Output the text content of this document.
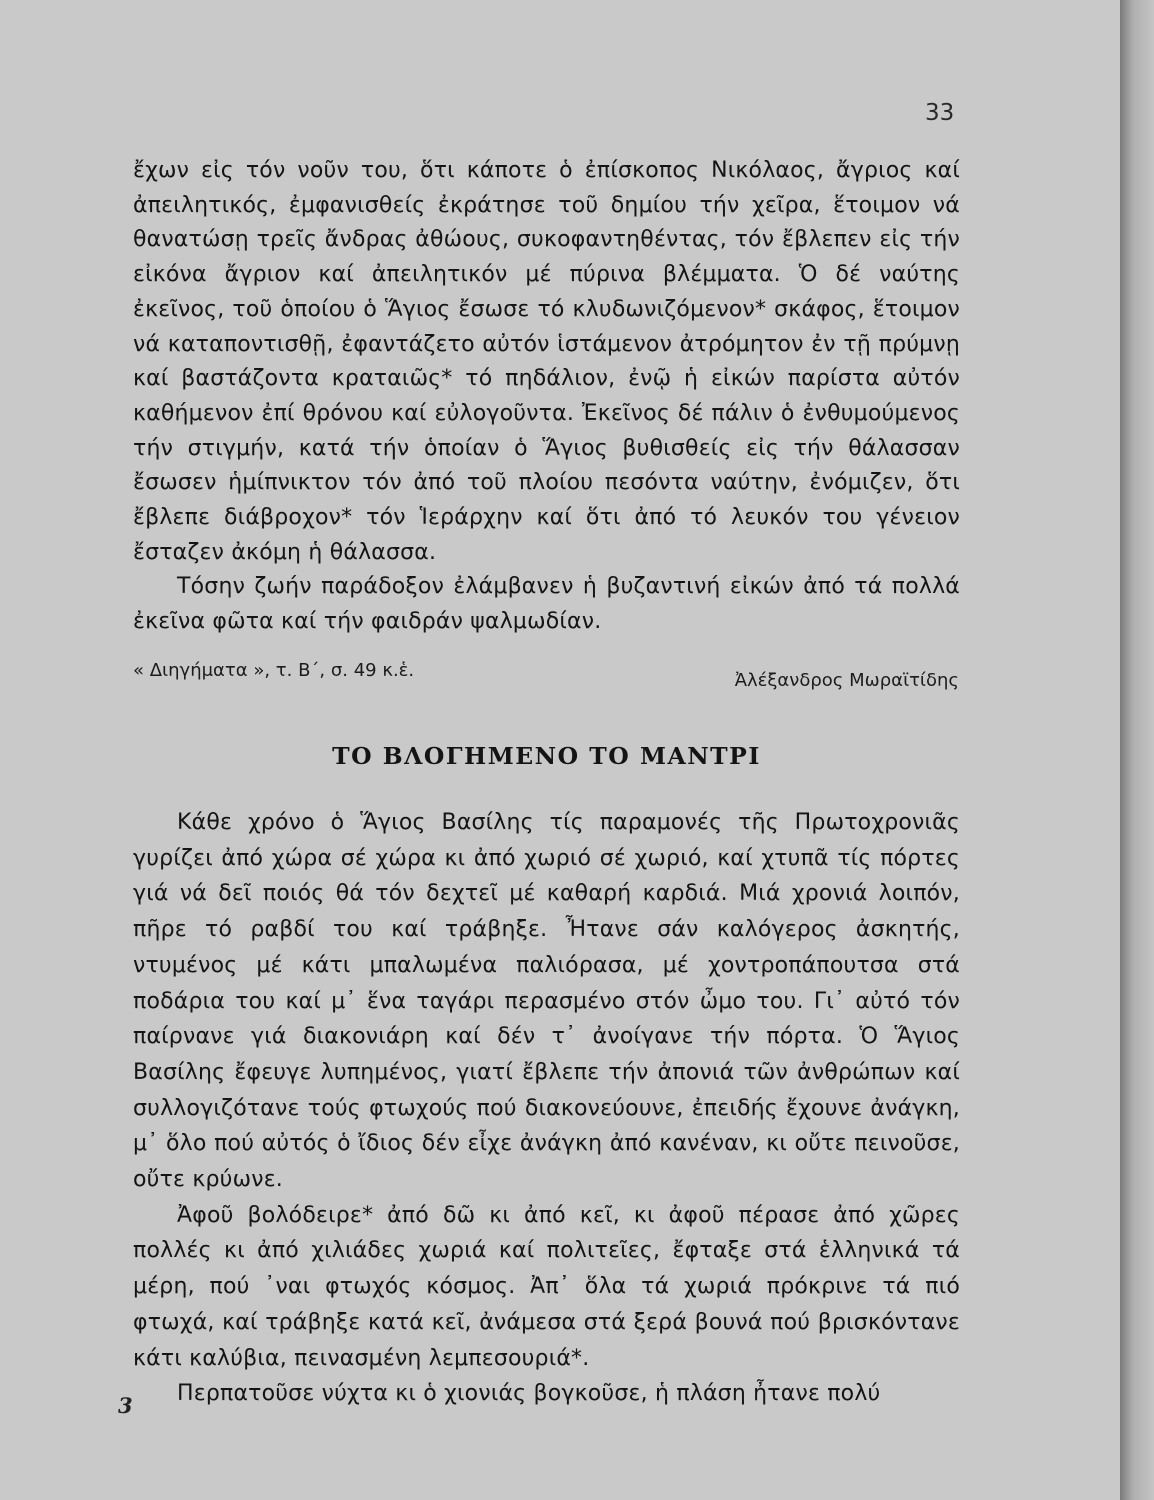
33

ἔχων εἰς τόν νοῦν του, ὅτι κάποτε ὁ ἐπίσκοπος Νικόλαος, ἄγριος καί ἀπειλητικός, ἐμφανισθείς ἐκράτησε τοῦ δημίου τήν χεῖρα, ἕτοιμον νά θανατώσῃ τρεῖς ἄνδρας ἀθώους, συκοφαντηθέντας, τόν ἔβλεπεν εἰς τήν εἰκόνα ἄγριον καί ἀπειλητικόν μέ πύρινα βλέμματα. Ὁ δέ ναύτης ἐκεῖνος, τοῦ ὁποίου ὁ Ἅγιος ἔσωσε τό κλυδωνιζόμενον* σκάφος, ἕτοιμον νά καταποντισθῇ, ἐφαντάζετο αὐτόν ἱστάμενον ἀτρόμητον ἐν τῇ πρύμνῃ καί βαστάζοντα κραταιῶς* τό πηδάλιον, ἐνῷ ἡ εἰκών παρίστα αὐτόν καθήμενον ἐπί θρόνου καί εὐλογοῦντα. Ἐκεῖνος δέ πάλιν ὁ ἐνθυμούμενος τήν στιγμήν, κατά τήν ὁποίαν ὁ Ἅγιος βυθισθείς εἰς τήν θάλασσαν ἔσωσεν ἡμίπνικτον τόν ἀπό τοῦ πλοίου πεσόντα ναύτην, ἐνόμιζεν, ὅτι ἔβλεπε διάβροχον* τόν Ἱεράρχην καί ὅτι ἀπό τό λευκόν του γένειον ἔσταζεν ἀκόμη ἡ θάλασσα.

Τόσην ζωήν παράδοξον ἐλάμβανεν ἡ βυζαντινή εἰκών ἀπό τά πολλά ἐκεῖνα φῶτα καί τήν φαιδράν ψαλμωδίαν.

« Διηγήματα », τ. Β΄, σ. 49 κ.ἑ.	Ἀλέξανδρος Μωραϊτίδης
ΤΟ ΒΛΟΓΗΜΕΝΟ ΤΟ ΜΑΝΤΡΙ

Κάθε χρόνο ὁ Ἅγιος Βασίλης τίς παραμονές τῆς Πρωτοχρονιᾶς γυρίζει ἀπό χώρα σέ χώρα κι ἀπό χωριό σέ χωριό, καί χτυπᾶ τίς πόρτες γιά νά δεῖ ποιός θά τόν δεχτεῖ μέ καθαρή καρδιά. Μιά χρονιά λοιπόν, πῆρε τό ραβδί του καί τράβηξε. Ἦτανε σάν καλόγερος ἀσκητής, ντυμένος μέ κάτι μπαλωμένα παλιόρασα, μέ χοντροπάπουτσα στά ποδάρια του καί μ᾽ ἕνα ταγάρι περασμένο στόν ὦμο του. Γι᾽ αὐτό τόν παίρνανε γιά διακονιάρη καί δέν τ᾽ ἀνοίγανε τήν πόρτα. Ὁ Ἅγιος Βασίλης ἔφευγε λυπημένος, γιατί ἔβλεπε τήν ἀπονιά τῶν ἀνθρώπων καί συλλογιζότανε τούς φτωχούς πού διακονεύουνε, ἐπειδής ἔχουνε ἀνάγκη, μ᾽ ὅλο πού αὐτός ὁ ἴδιος δέν εἶχε ἀνάγκη ἀπό κανέναν, κι οὔτε πεινοῦσε, οὔτε κρύωνε.

Ἀφοῦ βολόδειρε* ἀπό δῶ κι ἀπό κεῖ, κι ἀφοῦ πέρασε ἀπό χῶρες πολλές κι ἀπό χιλιάδες χωριά καί πολιτεῖες, ἔφταξε στά ἑλληνικά τά μέρη, πού ᾽ναι φτωχός κόσμος. Ἀπ᾽ ὅλα τά χωριά πρόκρινε τά πιό φτωχά, καί τράβηξε κατά κεῖ, ἀνάμεσα στά ξερά βουνά πού βρισκόντανε κάτι καλύβια, πεινασμένη λεμπεσουριά*.

Περπατοῦσε νύχτα κι ὁ χιονιάς βογκοῦσε, ἡ πλάση ἦτανε πολύ

3
